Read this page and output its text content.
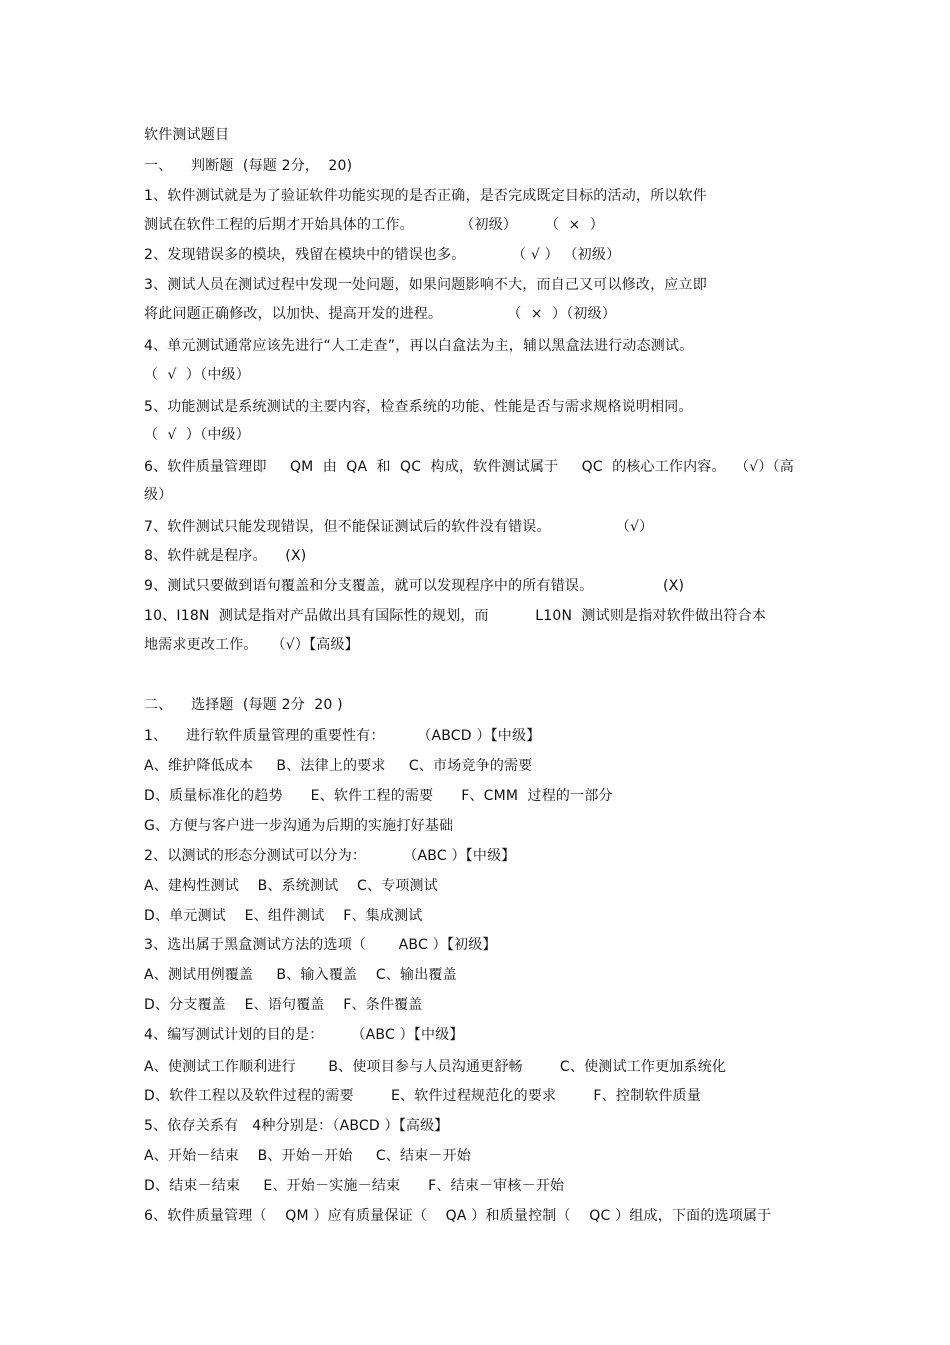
软件测试题目
一、    判断题  (每题 2分，  20)
1、软件测试就是为了验证软件功能实现的是否正确，是否完成既定目标的活动，所以软件
测试在软件工程的后期才开始具体的工作。          （初级）      （  ×  ）
2、发现错误多的模块，残留在模块中的错误也多。          （ √ ） （初级）
3、测试人员在测试过程中发现一处问题，如果问题影响不大，而自己又可以修改，应立即
将此问题正确修改，以加快、提高开发的进程。              （  ×  ）（初级）
4、单元测试通常应该先进行“人工走查”，再以白盒法为主，辅以黑盒法进行动态测试。
（  √  ）（中级）
5、功能测试是系统测试的主要内容，检查系统的功能、性能是否与需求规格说明相同。
（  √  ）（中级）
6、软件质量管理即     QM  由  QA  和  QC  构成，软件测试属于     QC  的核心工作内容。  （√）（高
级）
7、软件测试只能发现错误，但不能保证测试后的软件没有错误。              （√）
8、软件就是程序。    (X)
9、测试只要做到语句覆盖和分支覆盖，就可以发现程序中的所有错误。               (X)
10、I18N  测试是指对产品做出具有国际性的规划，而          L10N  测试则是指对软件做出符合本
地需求更改工作。   （√）【高级】
二、    选择题  (每题 2分  20 )
1、    进行软件质量管理的重要性有：       （ABCD ）【中级】
A、维护降低成本     B、法律上的要求     C、市场竞争的需要
D、质量标准化的趋势      E、软件工程的需要      F、CMM  过程的一部分
G、方便与客户进一步沟通为后期的实施打好基础
2、以测试的形态分测试可以分为：        （ABC ）【中级】
A、建构性测试    B、系统测试    C、专项测试
D、单元测试    E、组件测试    F、集成测试
3、选出属于黑盒测试方法的选项（       ABC ）【初级】
A、测试用例覆盖     B、输入覆盖    C、输出覆盖
D、分支覆盖    E、语句覆盖    F、条件覆盖
4、编写测试计划的目的是：      （ABC ）【中级】
A、使测试工作顺利进行       B、使项目参与人员沟通更舒畅        C、使测试工作更加系统化
D、软件工程以及软件过程的需要        E、软件过程规范化的要求        F、控制软件质量
5、依存关系有   4种分别是：（ABCD ）【高级】
A、开始－结束    B、开始－开始     C、结束－开始
D、结束－结束     E、开始－实施－结束      F、结束－审核－开始
6、软件质量管理（    QM ）应有质量保证（    QA ）和质量控制（    QC ）组成，下面的选项属于
